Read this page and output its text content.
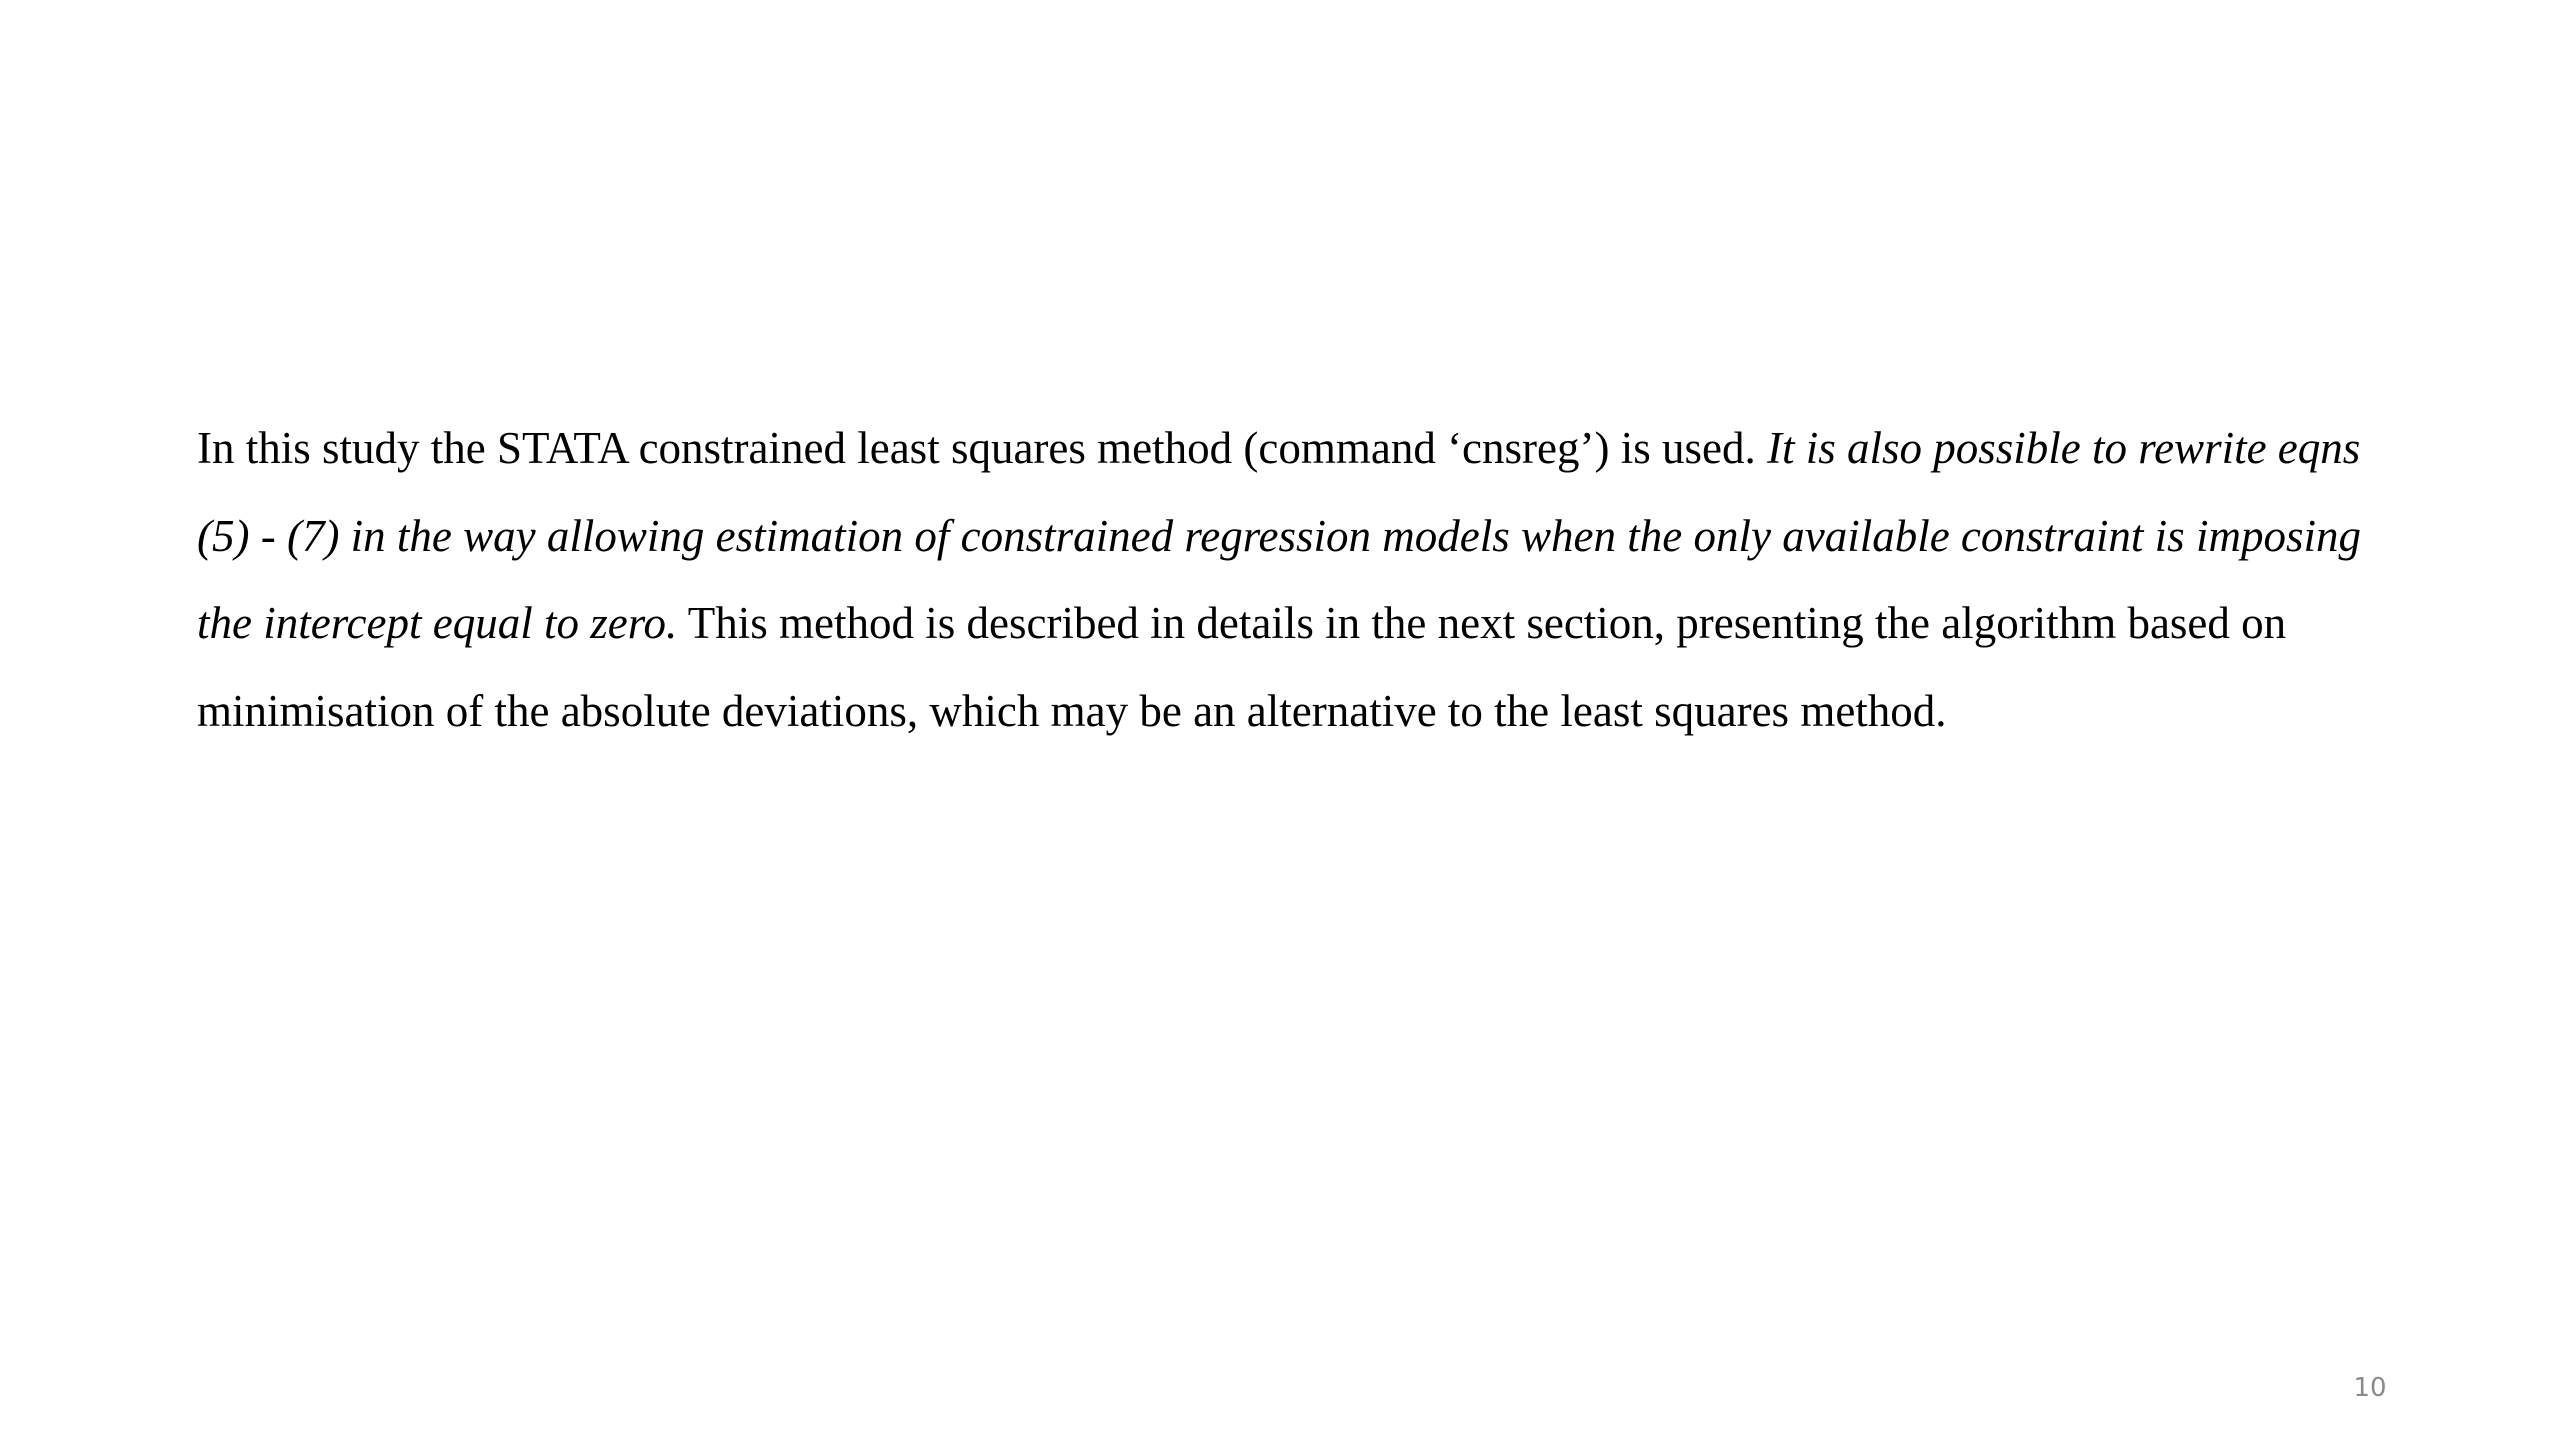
In this study the STATA constrained least squares method (command ‘cnsreg’) is used. It is also possible to rewrite eqns (5) - (7) in the way allowing estimation of constrained regression models when the only available constraint is imposing the intercept equal to zero. This method is described in details in the next section, presenting the algorithm based on minimisation of the absolute deviations, which may be an alternative to the least squares method.

10
